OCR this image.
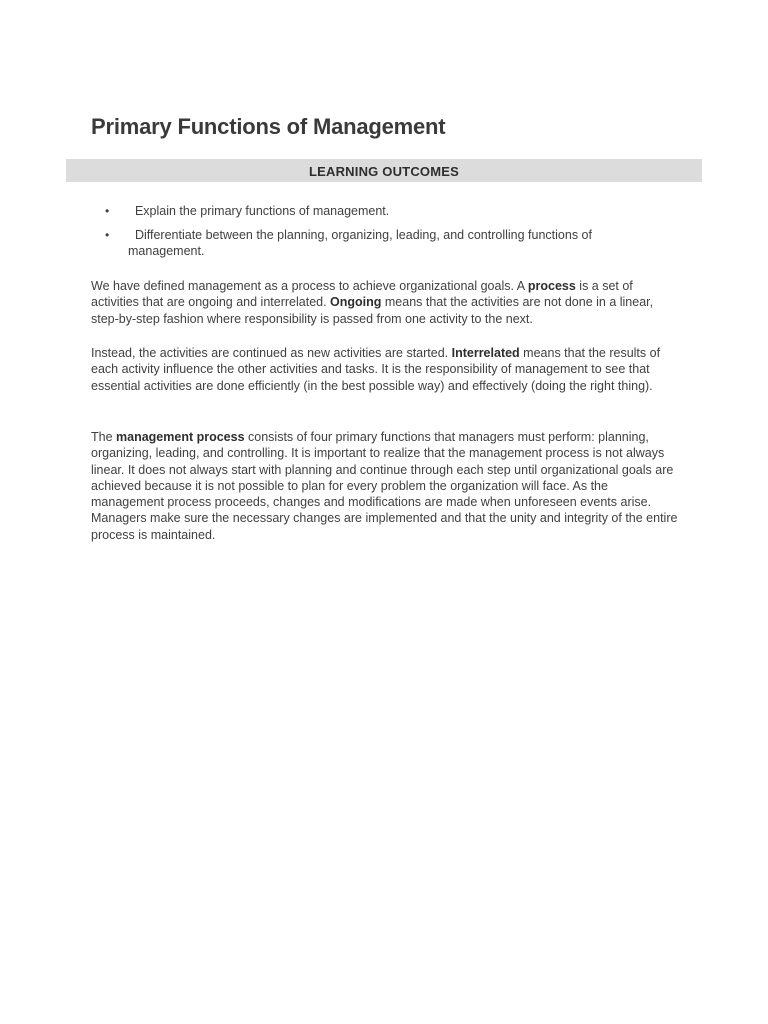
Primary Functions of Management
LEARNING OUTCOMES
• Explain the primary functions of management.
• Differentiate between the planning, organizing, leading, and controlling functions of management.

We have defined management as a process to achieve organizational goals. A process is a set of activities that are ongoing and interrelated. Ongoing means that the activities are not done in a linear, step-by-step fashion where responsibility is passed from one activity to the next.

Instead, the activities are continued as new activities are started. Interrelated means that the results of each activity influence the other activities and tasks. It is the responsibility of management to see that essential activities are done efficiently (in the best possible way) and effectively (doing the right thing).

The management process consists of four primary functions that managers must perform: planning, organizing, leading, and controlling. It is important to realize that the management process is not always linear. It does not always start with planning and continue through each step until organizational goals are achieved because it is not possible to plan for every problem the organization will face. As the management process proceeds, changes and modifications are made when unforeseen events arise. Managers make sure the necessary changes are implemented and that the unity and integrity of the entire process is maintained.
